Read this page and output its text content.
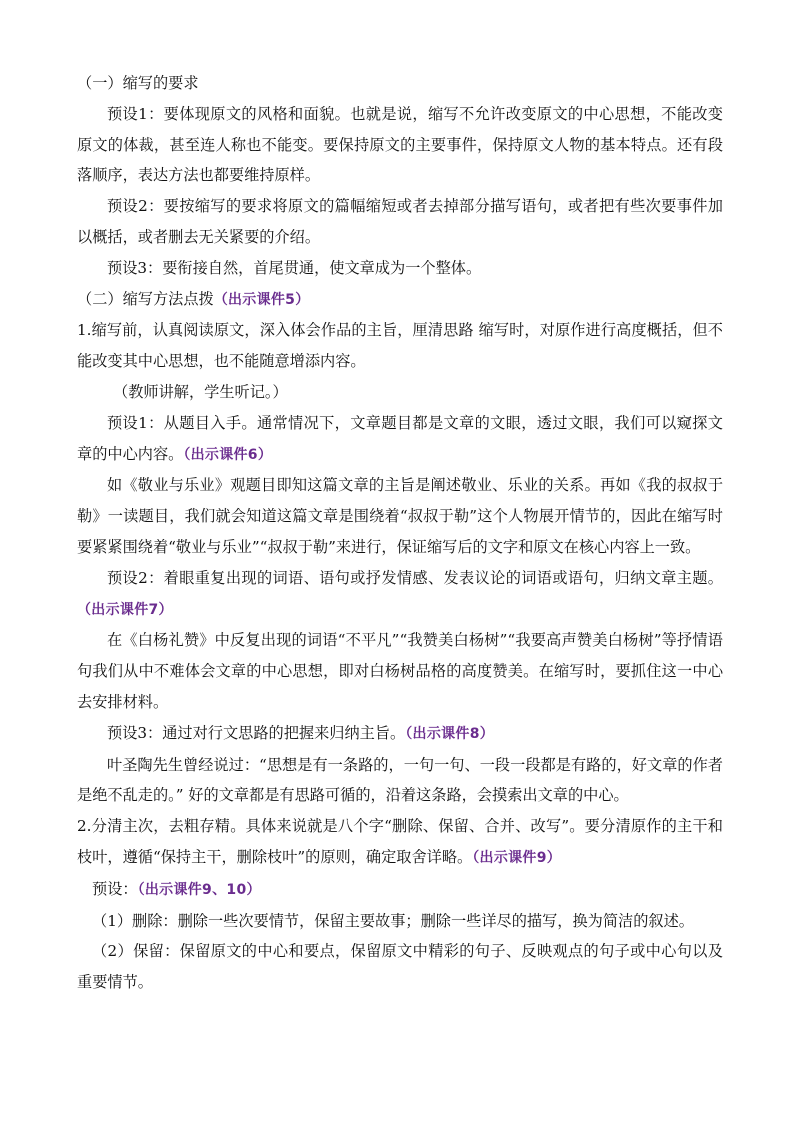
（一）缩写的要求

预设1：要体现原文的风格和面貌。也就是说，缩写不允许改变原文的中心思想，不能改变原文的体裁，甚至连人称也不能变。要保持原文的主要事件，保持原文人物的基本特点。还有段落顺序，表达方法也都要维持原样。

预设2：要按缩写的要求将原文的篇幅缩短或者去掉部分描写语句，或者把有些次要事件加以概括，或者删去无关紧要的介绍。

预设3：要衔接自然，首尾贯通，使文章成为一个整体。

（二）缩写方法点拨（出示课件5）

1.缩写前，认真阅读原文，深入体会作品的主旨，厘清思路 缩写时，对原作进行高度概括，但不能改变其中心思想，也不能随意增添内容。

（教师讲解，学生听记。）

预设1：从题目入手。通常情况下，文章题目都是文章的文眼，透过文眼，我们可以窥探文章的中心内容。（出示课件6）

如《敬业与乐业》观题目即知这篇文章的主旨是阐述敬业、乐业的关系。再如《我的叔叔于勒》一读题目，我们就会知道这篇文章是围绕着“叔叔于勒”这个人物展开情节的，因此在缩写时要紧紧围绕着“敬业与乐业”“叔叔于勒”来进行，保证缩写后的文字和原文在核心内容上一致。

预设2：着眼重复出现的词语、语句或抒发情感、发表议论的词语或语句，归纳文章主题。（出示课件7）

在《白杨礼赞》中反复出现的词语“不平凡”“我赞美白杨树”“我要高声赞美白杨树”等抒情语句我们从中不难体会文章的中心思想，即对白杨树品格的高度赞美。在缩写时，要抓住这一中心去安排材料。

预设3：通过对行文思路的把握来归纳主旨。（出示课件8）

叶圣陶先生曾经说过：“思想是有一条路的，一句一句、一段一段都是有路的，好文章的作者是绝不乱走的。” 好的文章都是有思路可循的，沿着这条路，会摸索出文章的中心。

2.分清主次，去粗存精。具体来说就是八个字“删除、保留、合并、改写”。要分清原作的主干和枝叶，遵循“保持主干，删除枝叶”的原则，确定取舍详略。（出示课件9）

预设：（出示课件9、10）

（1）删除：删除一些次要情节，保留主要故事；删除一些详尽的描写，换为简洁的叙述。

（2）保留：保留原文的中心和要点，保留原文中精彩的句子、反映观点的句子或中心句以及重要情节。
